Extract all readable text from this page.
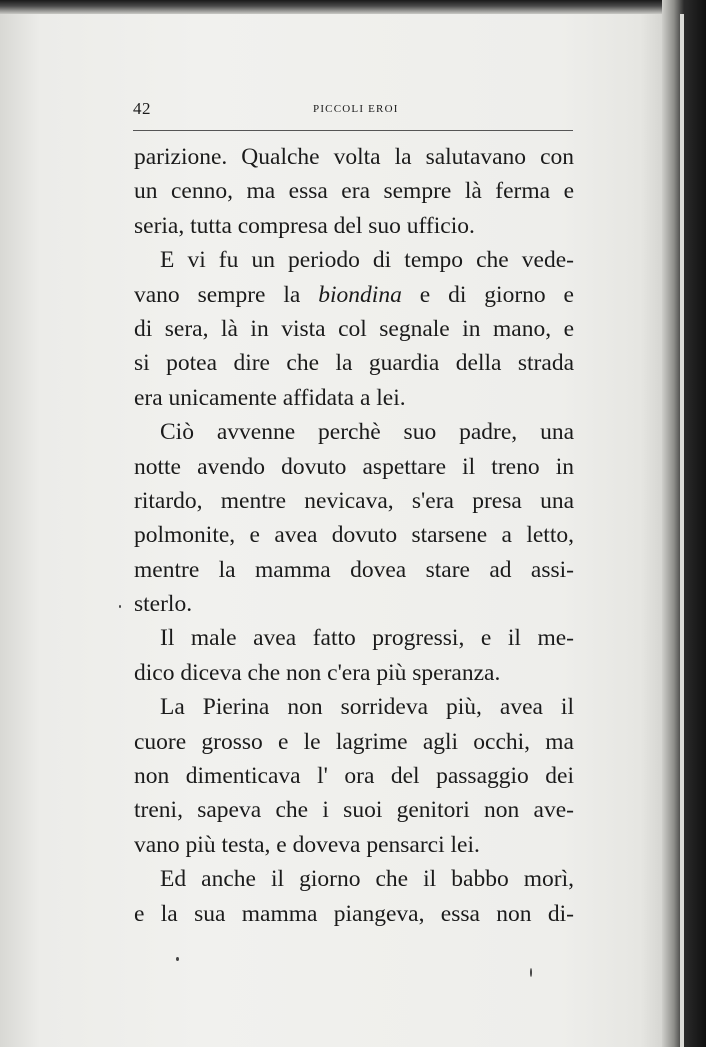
42	PICCOLI EROI
parizione. Qualche volta la salutavano con
un cenno, ma essa era sempre là ferma e
seria, tutta compresa del suo ufficio.
E vi fu un periodo di tempo che vede-
vano sempre la biondina e di giorno e
di sera, là in vista col segnale in mano, e
si potea dire che la guardia della strada
era unicamente affidata a lei.
Ciò avvenne perchè suo padre, una
notte avendo dovuto aspettare il treno in
ritardo, mentre nevicava, s'era presa una
polmonite, e avea dovuto starsene a letto,
mentre la mamma dovea stare ad assi-
sterlo.
Il male avea fatto progressi, e il me-
dico diceva che non c'era più speranza.
La Pierina non sorrideva più, avea il
cuore grosso e le lagrime agli occhi, ma
non dimenticava l' ora del passaggio dei
treni, sapeva che i suoi genitori non ave-
vano più testa, e doveva pensarci lei.
Ed anche il giorno che il babbo morì,
e la sua mamma piangeva, essa non di-
